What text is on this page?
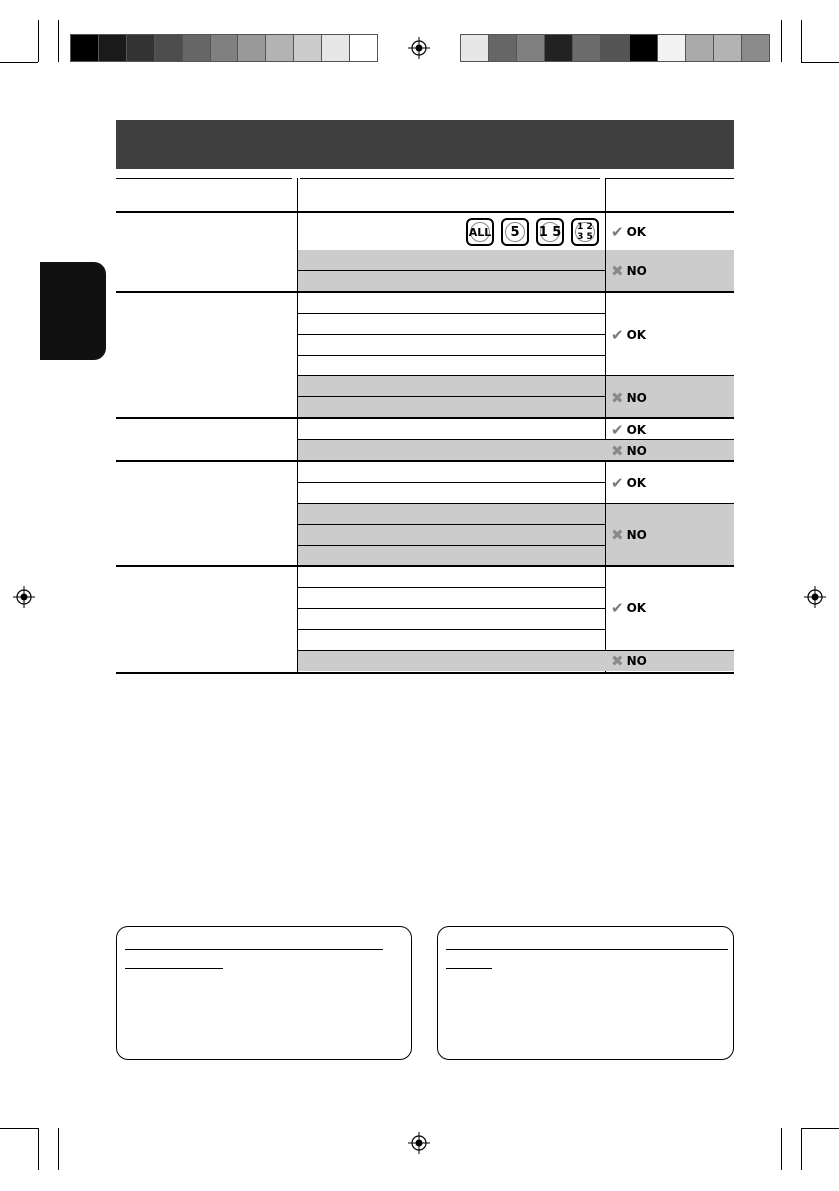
ALL 5 1 5 1 2 3 5 ✔ OK
✖ NO
✔ OK
✖ NO
✔ OK
✖ NO
✔ OK
✖ NO
✔ OK
✖ NO
